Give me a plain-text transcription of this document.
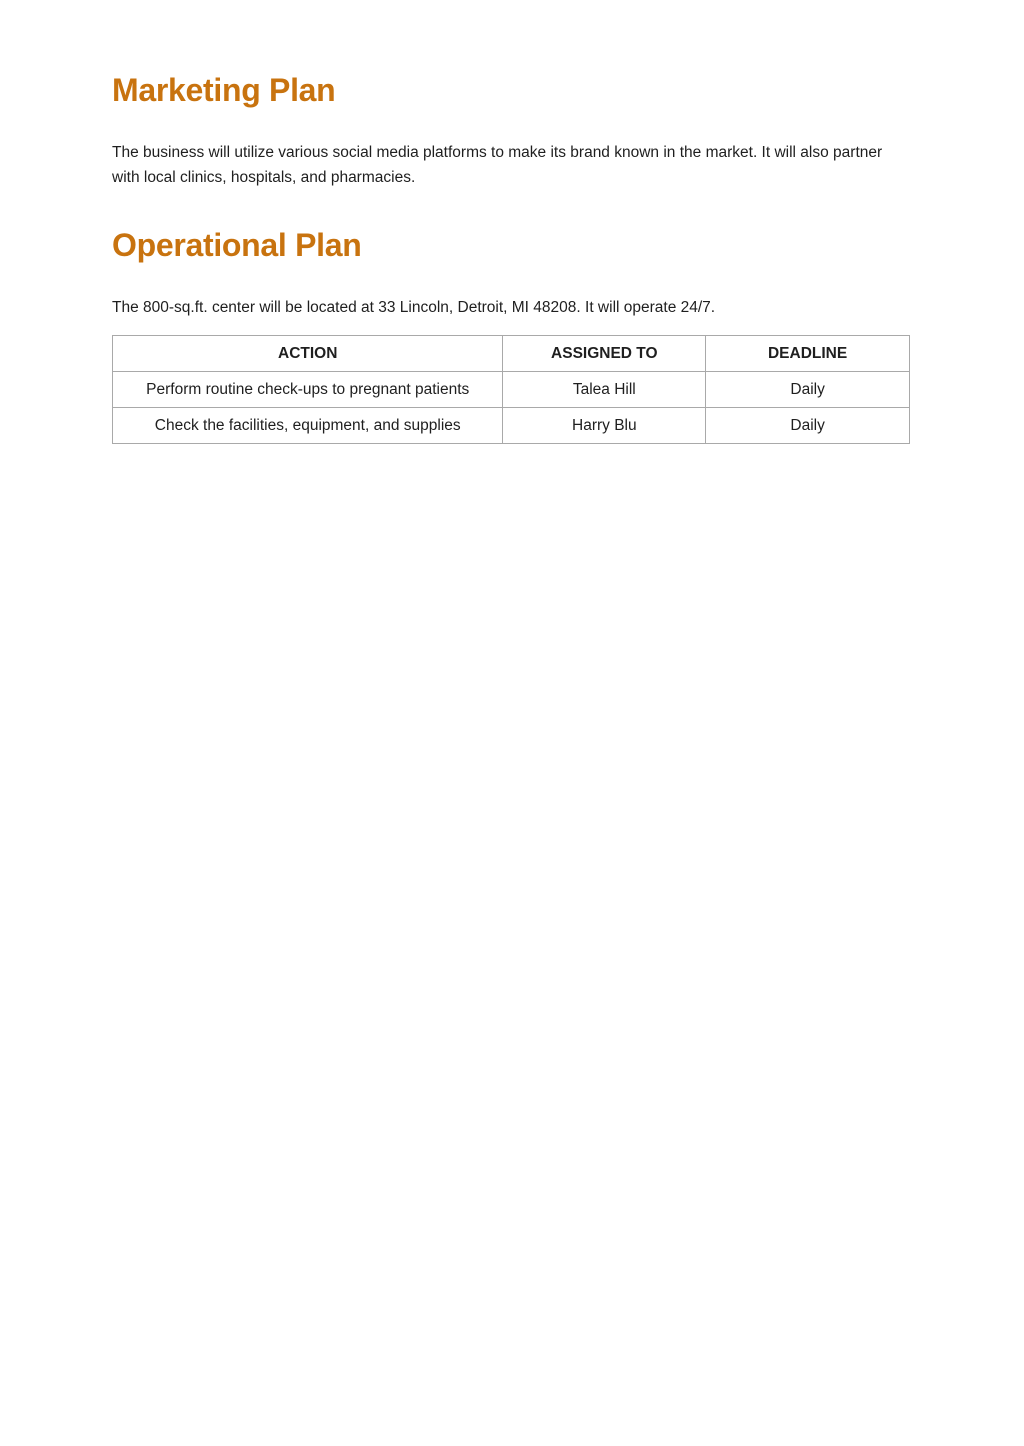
Marketing Plan

The business will utilize various social media platforms to make its brand known in the market. It will also partner with local clinics, hospitals, and pharmacies.

Operational Plan

The 800-sq.ft. center will be located at 33 Lincoln, Detroit, MI 48208. It will operate 24/7.

ACTION	ASSIGNED TO	DEADLINE
Perform routine check-ups to pregnant patients	Talea Hill	Daily
Check the facilities, equipment, and supplies	Harry Blu	Daily
